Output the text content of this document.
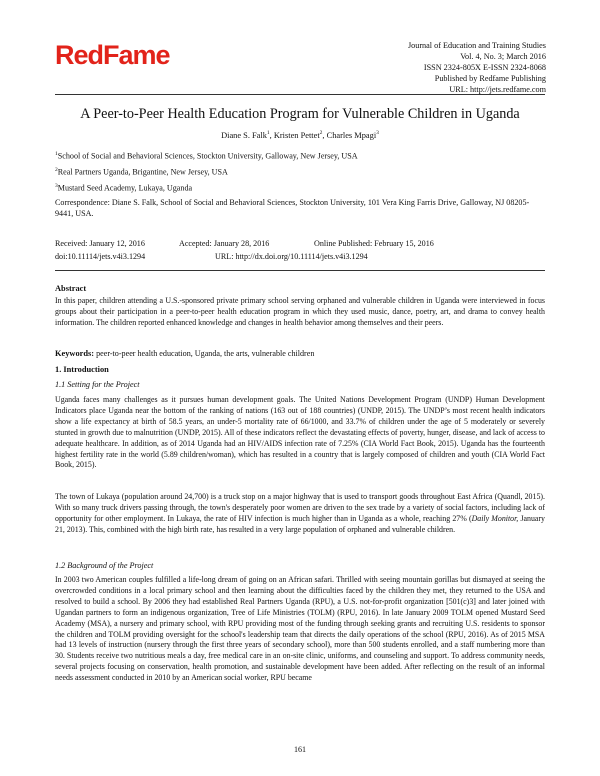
RedFame	Journal of Education and Training Studies
Vol. 4, No. 3; March 2016
ISSN 2324-805X E-ISSN 2324-8068
Published by Redfame Publishing
URL: http://jets.redfame.com
A Peer-to-Peer Health Education Program for Vulnerable Children in Uganda
Diane S. Falk$^1$, Kristen Pettet$^2$, Charles Mpagi$^3$
$^1$School of Social and Behavioral Sciences, Stockton University, Galloway, New Jersey, USA
$^2$Real Partners Uganda, Brigantine, New Jersey, USA
$^3$Mustard Seed Academy, Lukaya, Uganda
Correspondence: Diane S. Falk, School of Social and Behavioral Sciences, Stockton University, 101 Vera King Farris Drive, Galloway, NJ 08205-9441, USA.
Received: January 12, 2016	Accepted: January 28, 2016	Online Published: February 15, 2016
doi:10.11114/jets.v4i3.1294	URL: http://dx.doi.org/10.11114/jets.v4i3.1294
Abstract
In this paper, children attending a U.S.-sponsored private primary school serving orphaned and vulnerable children in Uganda were interviewed in focus groups about their participation in a peer-to-peer health education program in which they used music, dance, poetry, art, and drama to convey health information. The children reported enhanced knowledge and changes in health behavior among themselves and their peers.
Keywords: peer-to-peer health education, Uganda, the arts, vulnerable children
1. Introduction
1.1 Setting for the Project
Uganda faces many challenges as it pursues human development goals. The United Nations Development Program (UNDP) Human Development Indicators place Uganda near the bottom of the ranking of nations (163 out of 188 countries) (UNDP, 2015). The UNDP’s most recent health indicators show a life expectancy at birth of 58.5 years, an under-5 mortality rate of 66/1000, and 33.7% of children under the age of 5 moderately or severely stunted in growth due to malnutrition (UNDP, 2015). All of these indicators reflect the devastating effects of poverty, hunger, disease, and lack of access to adequate healthcare. In addition, as of 2014 Uganda had an HIV/AIDS infection rate of 7.25% (CIA World Fact Book, 2015). Uganda has the fourteenth highest fertility rate in the world (5.89 children/woman), which has resulted in a country that is largely composed of children and youth (CIA World Fact Book, 2015).
The town of Lukaya (population around 24,700) is a truck stop on a major highway that is used to transport goods throughout East Africa (Quandl, 2015). With so many truck drivers passing through, the town's desperately poor women are driven to the sex trade by a variety of social factors, including lack of opportunity for other employment. In Lukaya, the rate of HIV infection is much higher than in Uganda as a whole, reaching 27% (Daily Monitor, January 21, 2013). This, combined with the high birth rate, has resulted in a very large population of orphaned and vulnerable children.
1.2 Background of the Project
In 2003 two American couples fulfilled a life-long dream of going on an African safari. Thrilled with seeing mountain gorillas but dismayed at seeing the overcrowded conditions in a local primary school and then learning about the difficulties faced by the children they met, they returned to the USA and resolved to build a school. By 2006 they had established Real Partners Uganda (RPU), a U.S. not-for-profit organization [501(c)3] and later joined with Ugandan partners to form an indigenous organization, Tree of Life Ministries (TOLM) (RPU, 2016). In late January 2009 TOLM opened Mustard Seed Academy (MSA), a nursery and primary school, with RPU providing most of the funding through seeking grants and recruiting U.S. residents to sponsor the children and TOLM providing oversight for the school's leadership team that directs the daily operations of the school (RPU, 2016). As of 2015 MSA had 13 levels of instruction (nursery through the first three years of secondary school), more than 500 students enrolled, and a staff numbering more than 30. Students receive two nutritious meals a day, free medical care in an on-site clinic, uniforms, and counseling and support. To address community needs, several projects focusing on conservation, health promotion, and sustainable development have been added. After reflecting on the result of an informal needs assessment conducted in 2010 by an American social worker, RPU became
161
